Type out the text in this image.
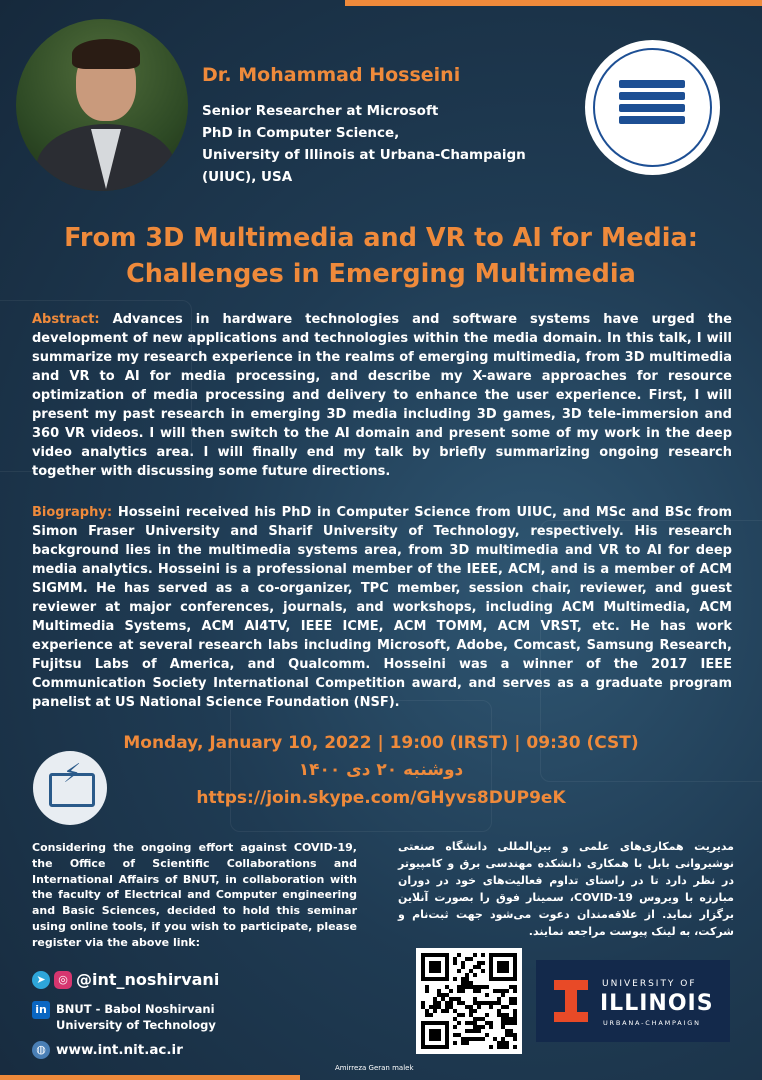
Dr. Mohammad Hosseini
Senior Researcher at Microsoft
PhD in Computer Science,
University of Illinois at Urbana-Champaign
(UIUC), USA
From 3D Multimedia and VR to AI for Media:
Challenges in Emerging Multimedia
Abstract: Advances in hardware technologies and software systems have urged the development of new applications and technologies within the media domain. In this talk, I will summarize my research experience in the realms of emerging multimedia, from 3D multimedia and VR to AI for media processing, and describe my X-aware approaches for resource optimization of media processing and delivery to enhance the user experience. First, I will present my past research in emerging 3D media including 3D games, 3D tele-immersion and 360 VR videos. I will then switch to the AI domain and present some of my work in the deep video analytics area. I will finally end my talk by briefly summarizing ongoing research together with discussing some future directions.
Biography: Hosseini received his PhD in Computer Science from UIUC, and MSc and BSc from Simon Fraser University and Sharif University of Technology, respectively. His research background lies in the multimedia systems area, from 3D multimedia and VR to AI for deep media analytics. Hosseini is a professional member of the IEEE, ACM, and is a member of ACM SIGMM. He has served as a co-organizer, TPC member, session chair, reviewer, and guest reviewer at major conferences, journals, and workshops, including ACM Multimedia, ACM Multimedia Systems, ACM AI4TV, IEEE ICME, ACM TOMM, ACM VRST, etc. He has work experience at several research labs including Microsoft, Adobe, Comcast, Samsung Research, Fujitsu Labs of America, and Qualcomm. Hosseini was a winner of the 2017 IEEE Communication Society International Competition award, and serves as a graduate program panelist at US National Science Foundation (NSF).
⚡
Monday, January 10, 2022 | 19:00 (IRST) | 09:30 (CST)
دوشنبه ۲۰ دی ۱۴۰۰
https://join.skype.com/GHyvs8DUP9eK
Considering the ongoing effort against COVID-19, the Office of Scientific Collaborations and International Affairs of BNUT, in collaboration with the faculty of Electrical and Computer engineering and Basic Sciences, decided to hold this seminar using online tools, if you wish to participate, please register via the above link:
مدیریت همکاری‌های علمی و بین‌المللی دانشگاه صنعتی نوشیروانی بابل با همکاری دانشکده مهندسی برق و کامپیوتر در نظر دارد تا در راستای تداوم فعالیت‌های خود در دوران مبارزه با ویروس COVID-19، سمینار فوق را بصورت آنلاین برگزار نماید. از علاقه‌مندان دعوت می‌شود جهت ثبت‌نام و شرکت، به لینک پیوست مراجعه نمایند.
➤	◎ @int_noshirvani
in BNUT - Babol Noshirvani
University of Technology
◍ www.int.nit.ac.ir
UNIVERSITY OF
ILLINOIS
URBANA-CHAMPAIGN
Amirreza Geran malek
